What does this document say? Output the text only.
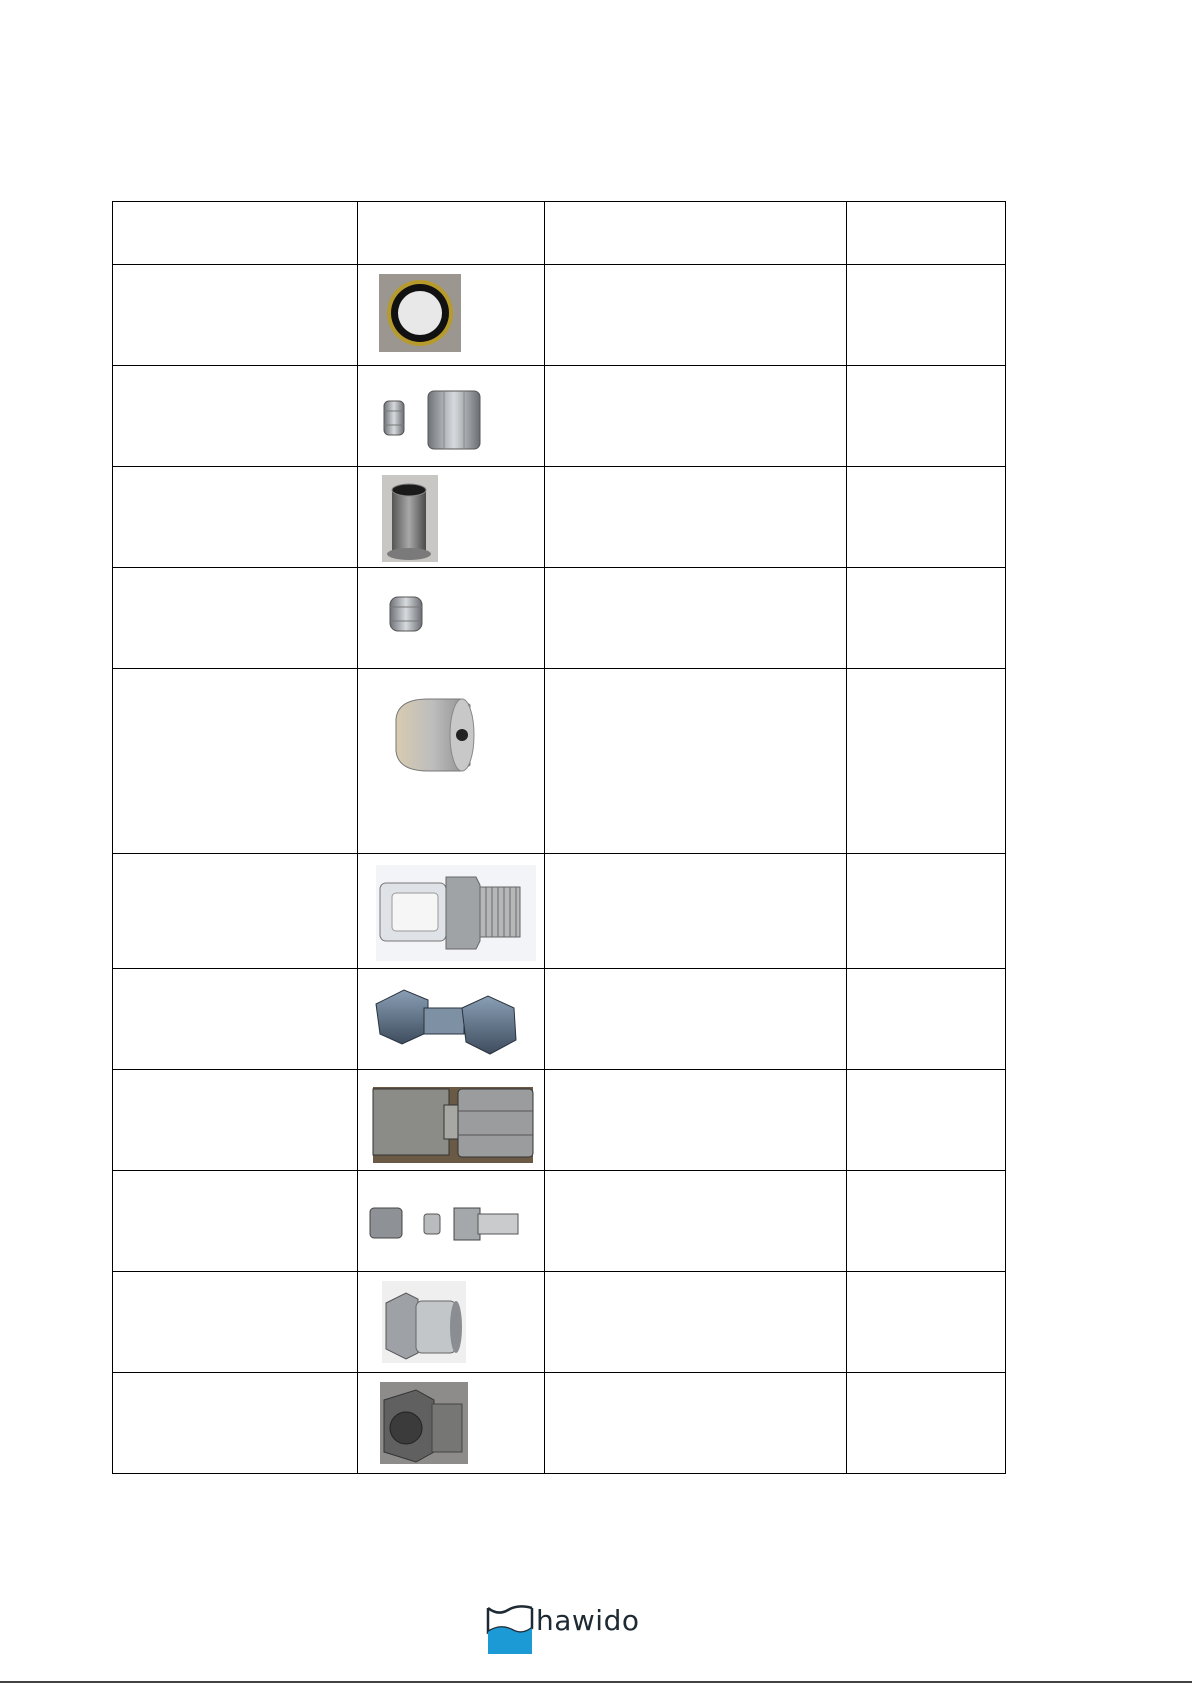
hawido
